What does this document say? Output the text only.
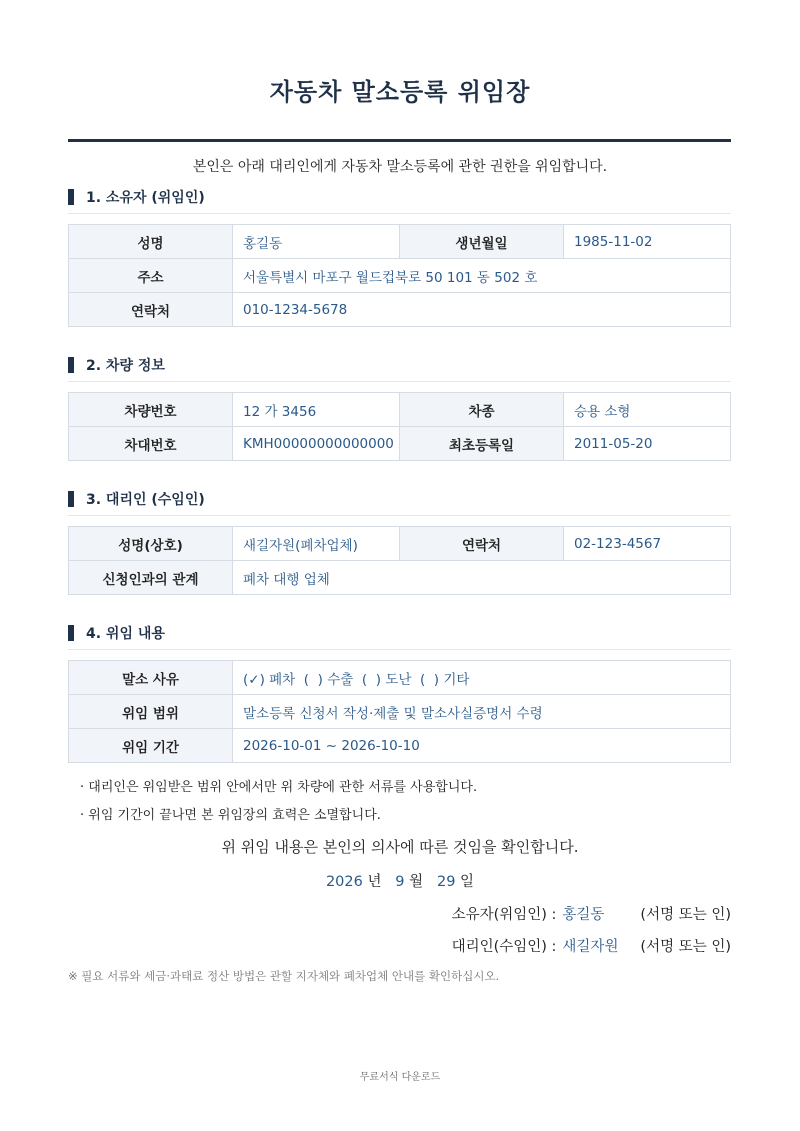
자동차 말소등록 위임장
본인은 아래 대리인에게 자동차 말소등록에 관한 권한을 위임합니다.
1. 소유자 (위임인)
성명	홍길동	생년월일	1985-11-02
주소	서울특별시 마포구 월드컵북로 50 101 동 502 호		
연락처	010-1234-5678		
2. 차량 정보
차량번호	12 가 3456	차종	승용 소형
차대번호	KMH00000000000000	최초등록일	2011-05-20
3. 대리인 (수임인)
성명(상호)	새길자원(폐차업체)	연락처	02-123-4567
신청인과의 관계	폐차 대행 업체		
4. 위임 내용
말소 사유	(✓) 폐차  (  ) 수출  (  ) 도난  (  ) 기타
위임 범위	말소등록 신청서 작성·제출 및 말소사실증명서 수령
위임 기간	2026-10-01 ~ 2026-10-10
· 대리인은 위임받은 범위 안에서만 위 차량에 관한 서류를 사용합니다.
· 위임 기간이 끝나면 본 위임장의 효력은 소멸합니다.
위 위임 내용은 본인의 의사에 따른 것임을 확인합니다.
2026 년 9 월 29 일
소유자(위임인) : 홍길동	(서명 또는 인)
대리인(수임인) : 새길자원	(서명 또는 인)
※ 필요 서류와 세금·과태료 정산 방법은 관할 지자체와 폐차업체 안내를 확인하십시오.
무료서식 다운로드
